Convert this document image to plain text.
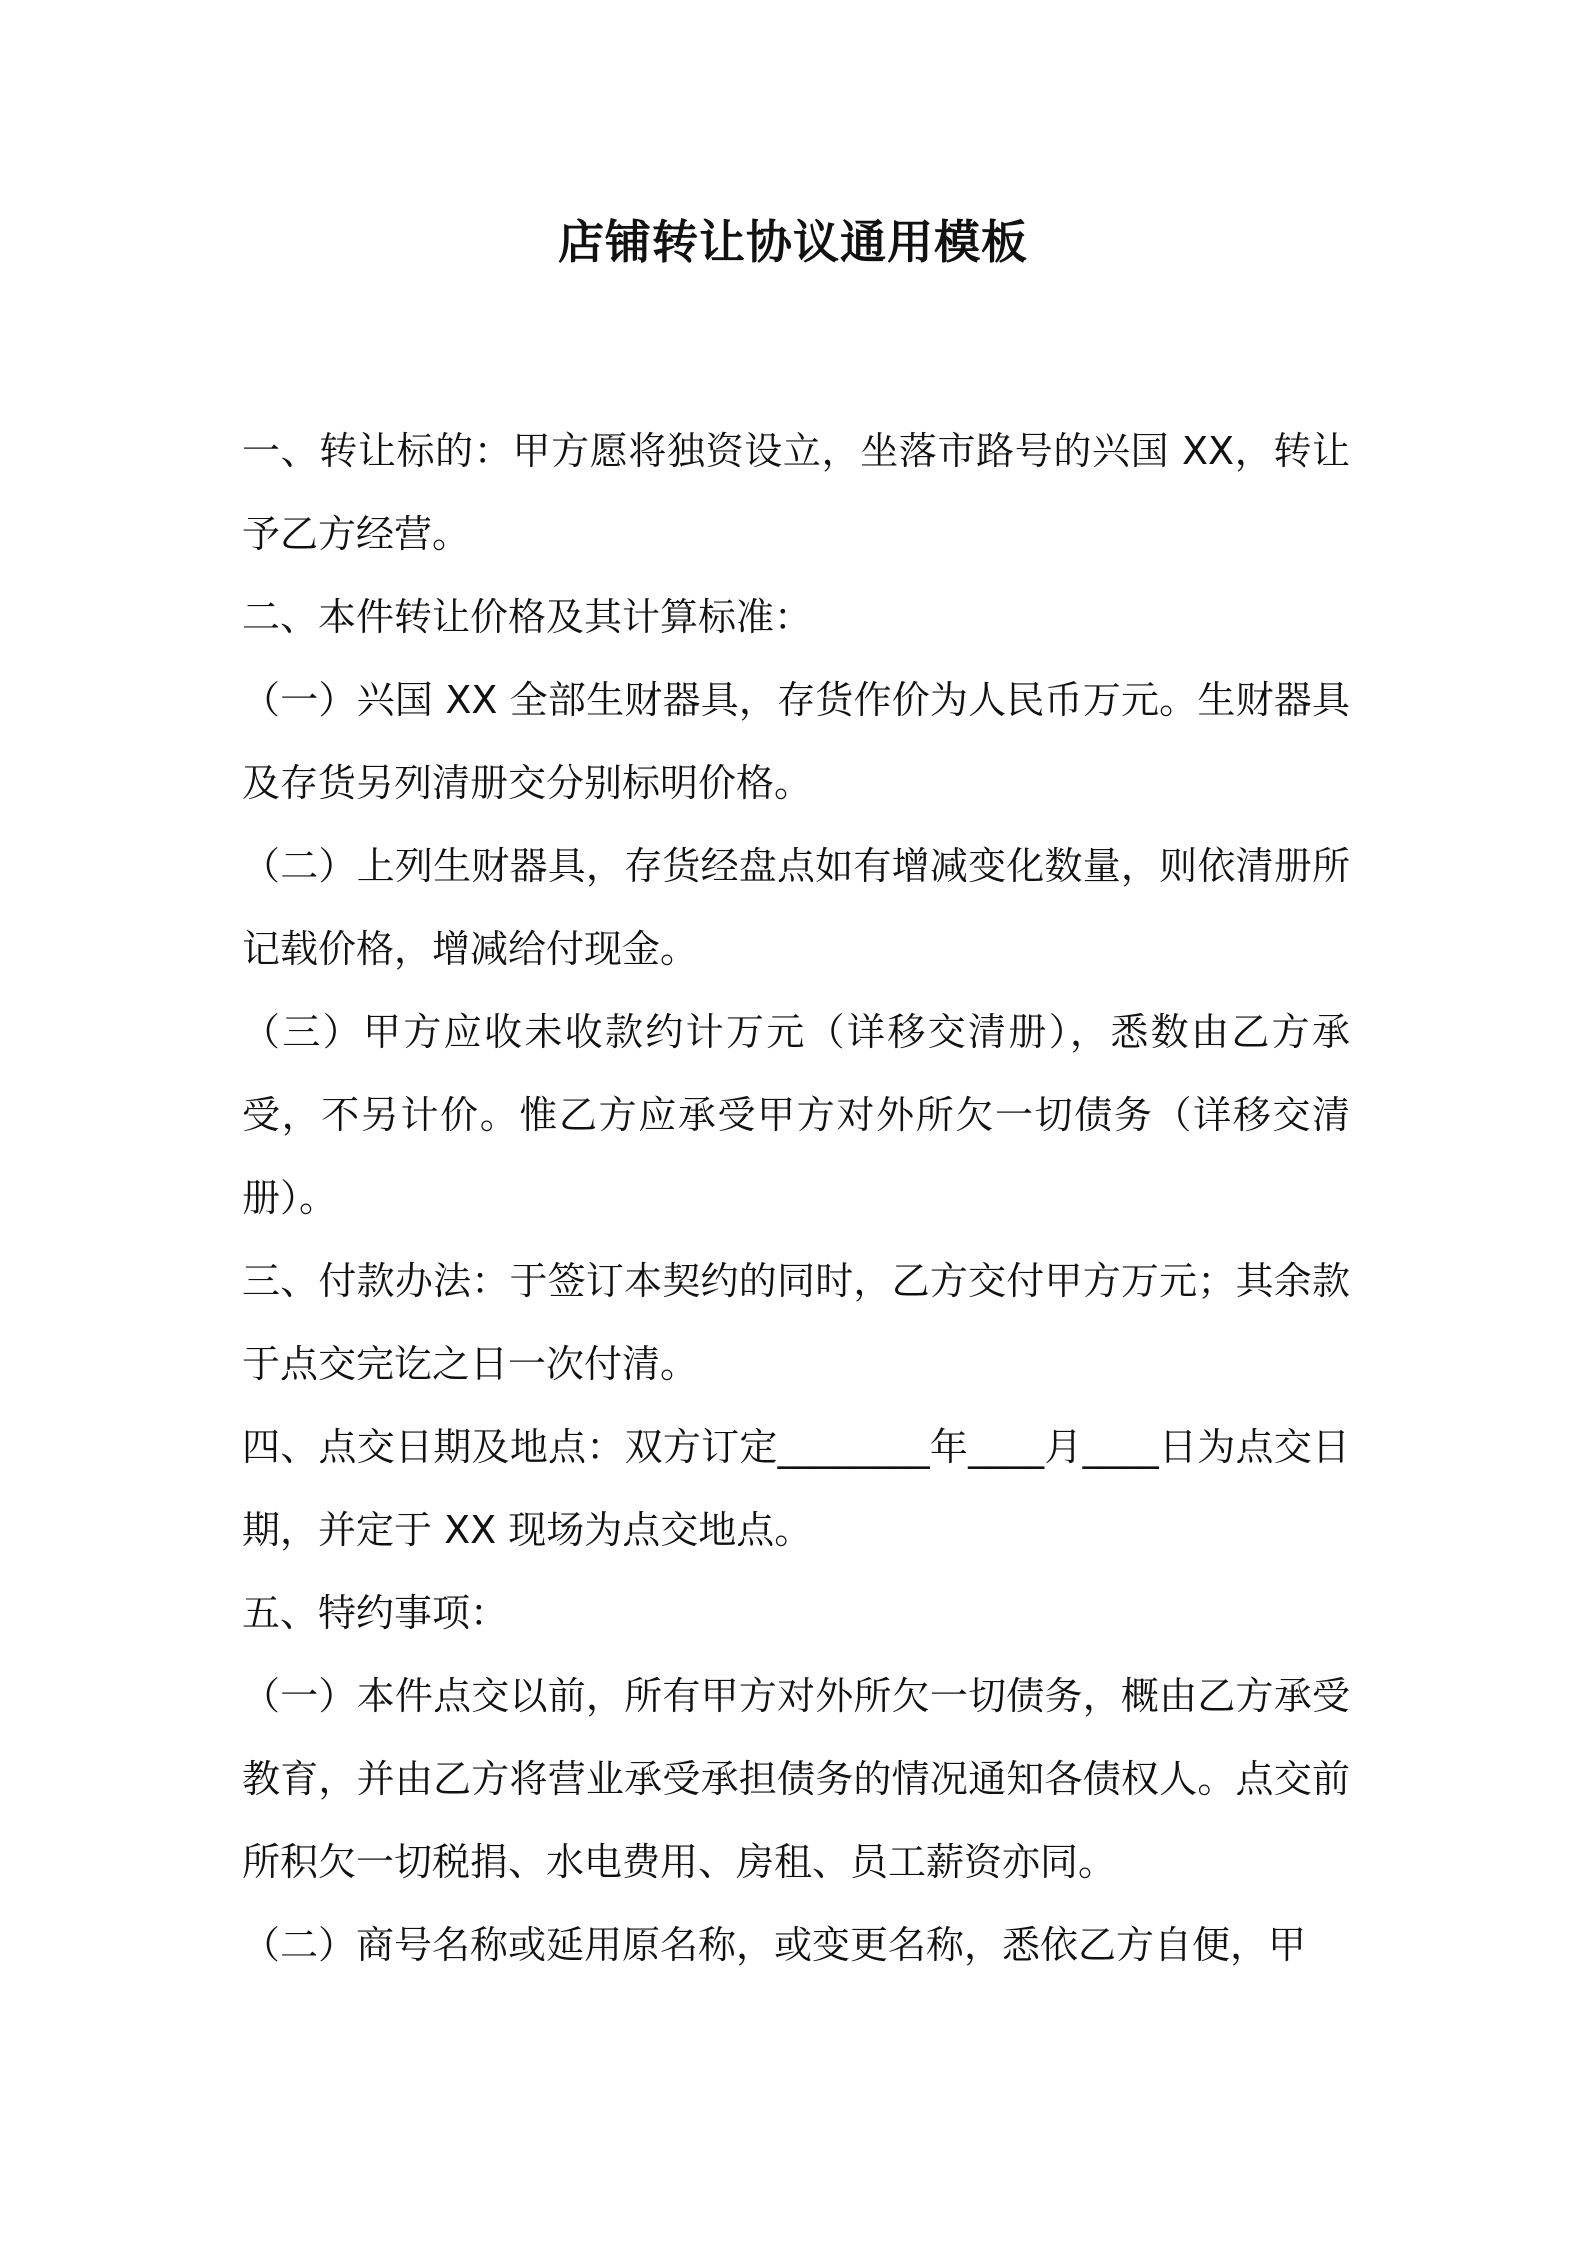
店铺转让协议通用模板

一、转让标的：甲方愿将独资设立，坐落市路号的兴国 XX，转让予乙方经营。

二、本件转让价格及其计算标准：

（一）兴国 XX 全部生财器具，存货作价为人民币万元。生财器具及存货另列清册交分别标明价格。

（二）上列生财器具，存货经盘点如有增减变化数量，则依清册所记载价格，增减给付现金。

（三）甲方应收未收款约计万元（详移交清册），悉数由乙方承受，不另计价。惟乙方应承受甲方对外所欠一切债务（详移交清册）。

三、付款办法：于签订本契约的同时，乙方交付甲方万元；其余款于点交完讫之日一次付清。

四、点交日期及地点：双方订定________年____月____日为点交日期，并定于 XX 现场为点交地点。

五、特约事项：

（一）本件点交以前，所有甲方对外所欠一切债务，概由乙方承受教育，并由乙方将营业承受承担债务的情况通知各债权人。点交前所积欠一切税捐、水电费用、房租、员工薪资亦同。

（二）商号名称或延用原名称，或变更名称，悉依乙方自便，甲
